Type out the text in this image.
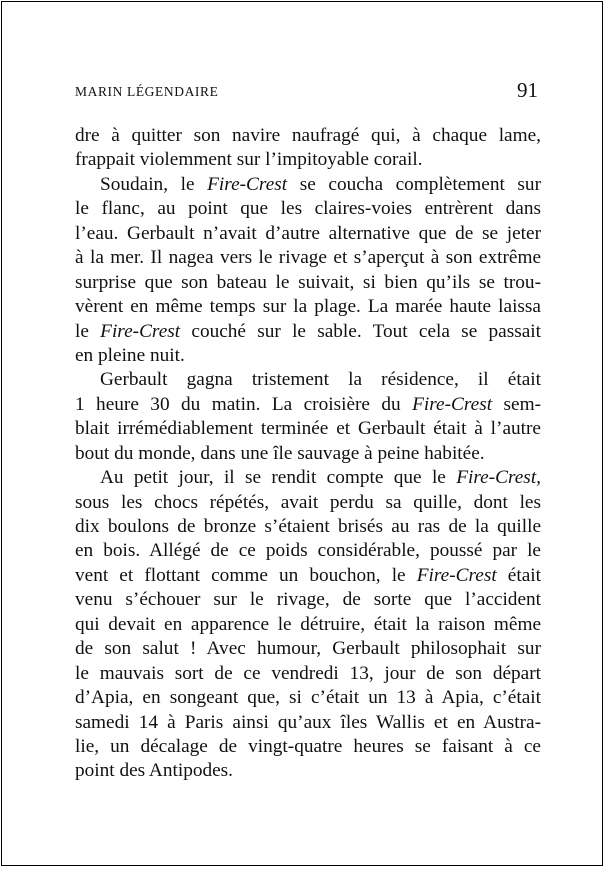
MARIN LÉGENDAIRE	91
dre à quitter son navire naufragé qui, à chaque lame,
frappait violemment sur l’impitoyable corail.
Soudain, le Fire-Crest se coucha complètement sur
le flanc, au point que les claires-voies entrèrent dans
l’eau. Gerbault n’avait d’autre alternative que de se jeter
à la mer. Il nagea vers le rivage et s’aperçut à son extrême
surprise que son bateau le suivait, si bien qu’ils se trou-
vèrent en même temps sur la plage. La marée haute laissa
le Fire-Crest couché sur le sable. Tout cela se passait
en pleine nuit.
Gerbault gagna tristement la résidence, il était
1 heure 30 du matin. La croisière du Fire-Crest sem-
blait irrémédiablement terminée et Gerbault était à l’autre
bout du monde, dans une île sauvage à peine habitée.
Au petit jour, il se rendit compte que le Fire-Crest,
sous les chocs répétés, avait perdu sa quille, dont les
dix boulons de bronze s’étaient brisés au ras de la quille
en bois. Allégé de ce poids considérable, poussé par le
vent et flottant comme un bouchon, le Fire-Crest était
venu s’échouer sur le rivage, de sorte que l’accident
qui devait en apparence le détruire, était la raison même
de son salut ! Avec humour, Gerbault philosophait sur
le mauvais sort de ce vendredi 13, jour de son départ
d’Apia, en songeant que, si c’était un 13 à Apia, c’était
samedi 14 à Paris ainsi qu’aux îles Wallis et en Austra-
lie, un décalage de vingt-quatre heures se faisant à ce
point des Antipodes.
